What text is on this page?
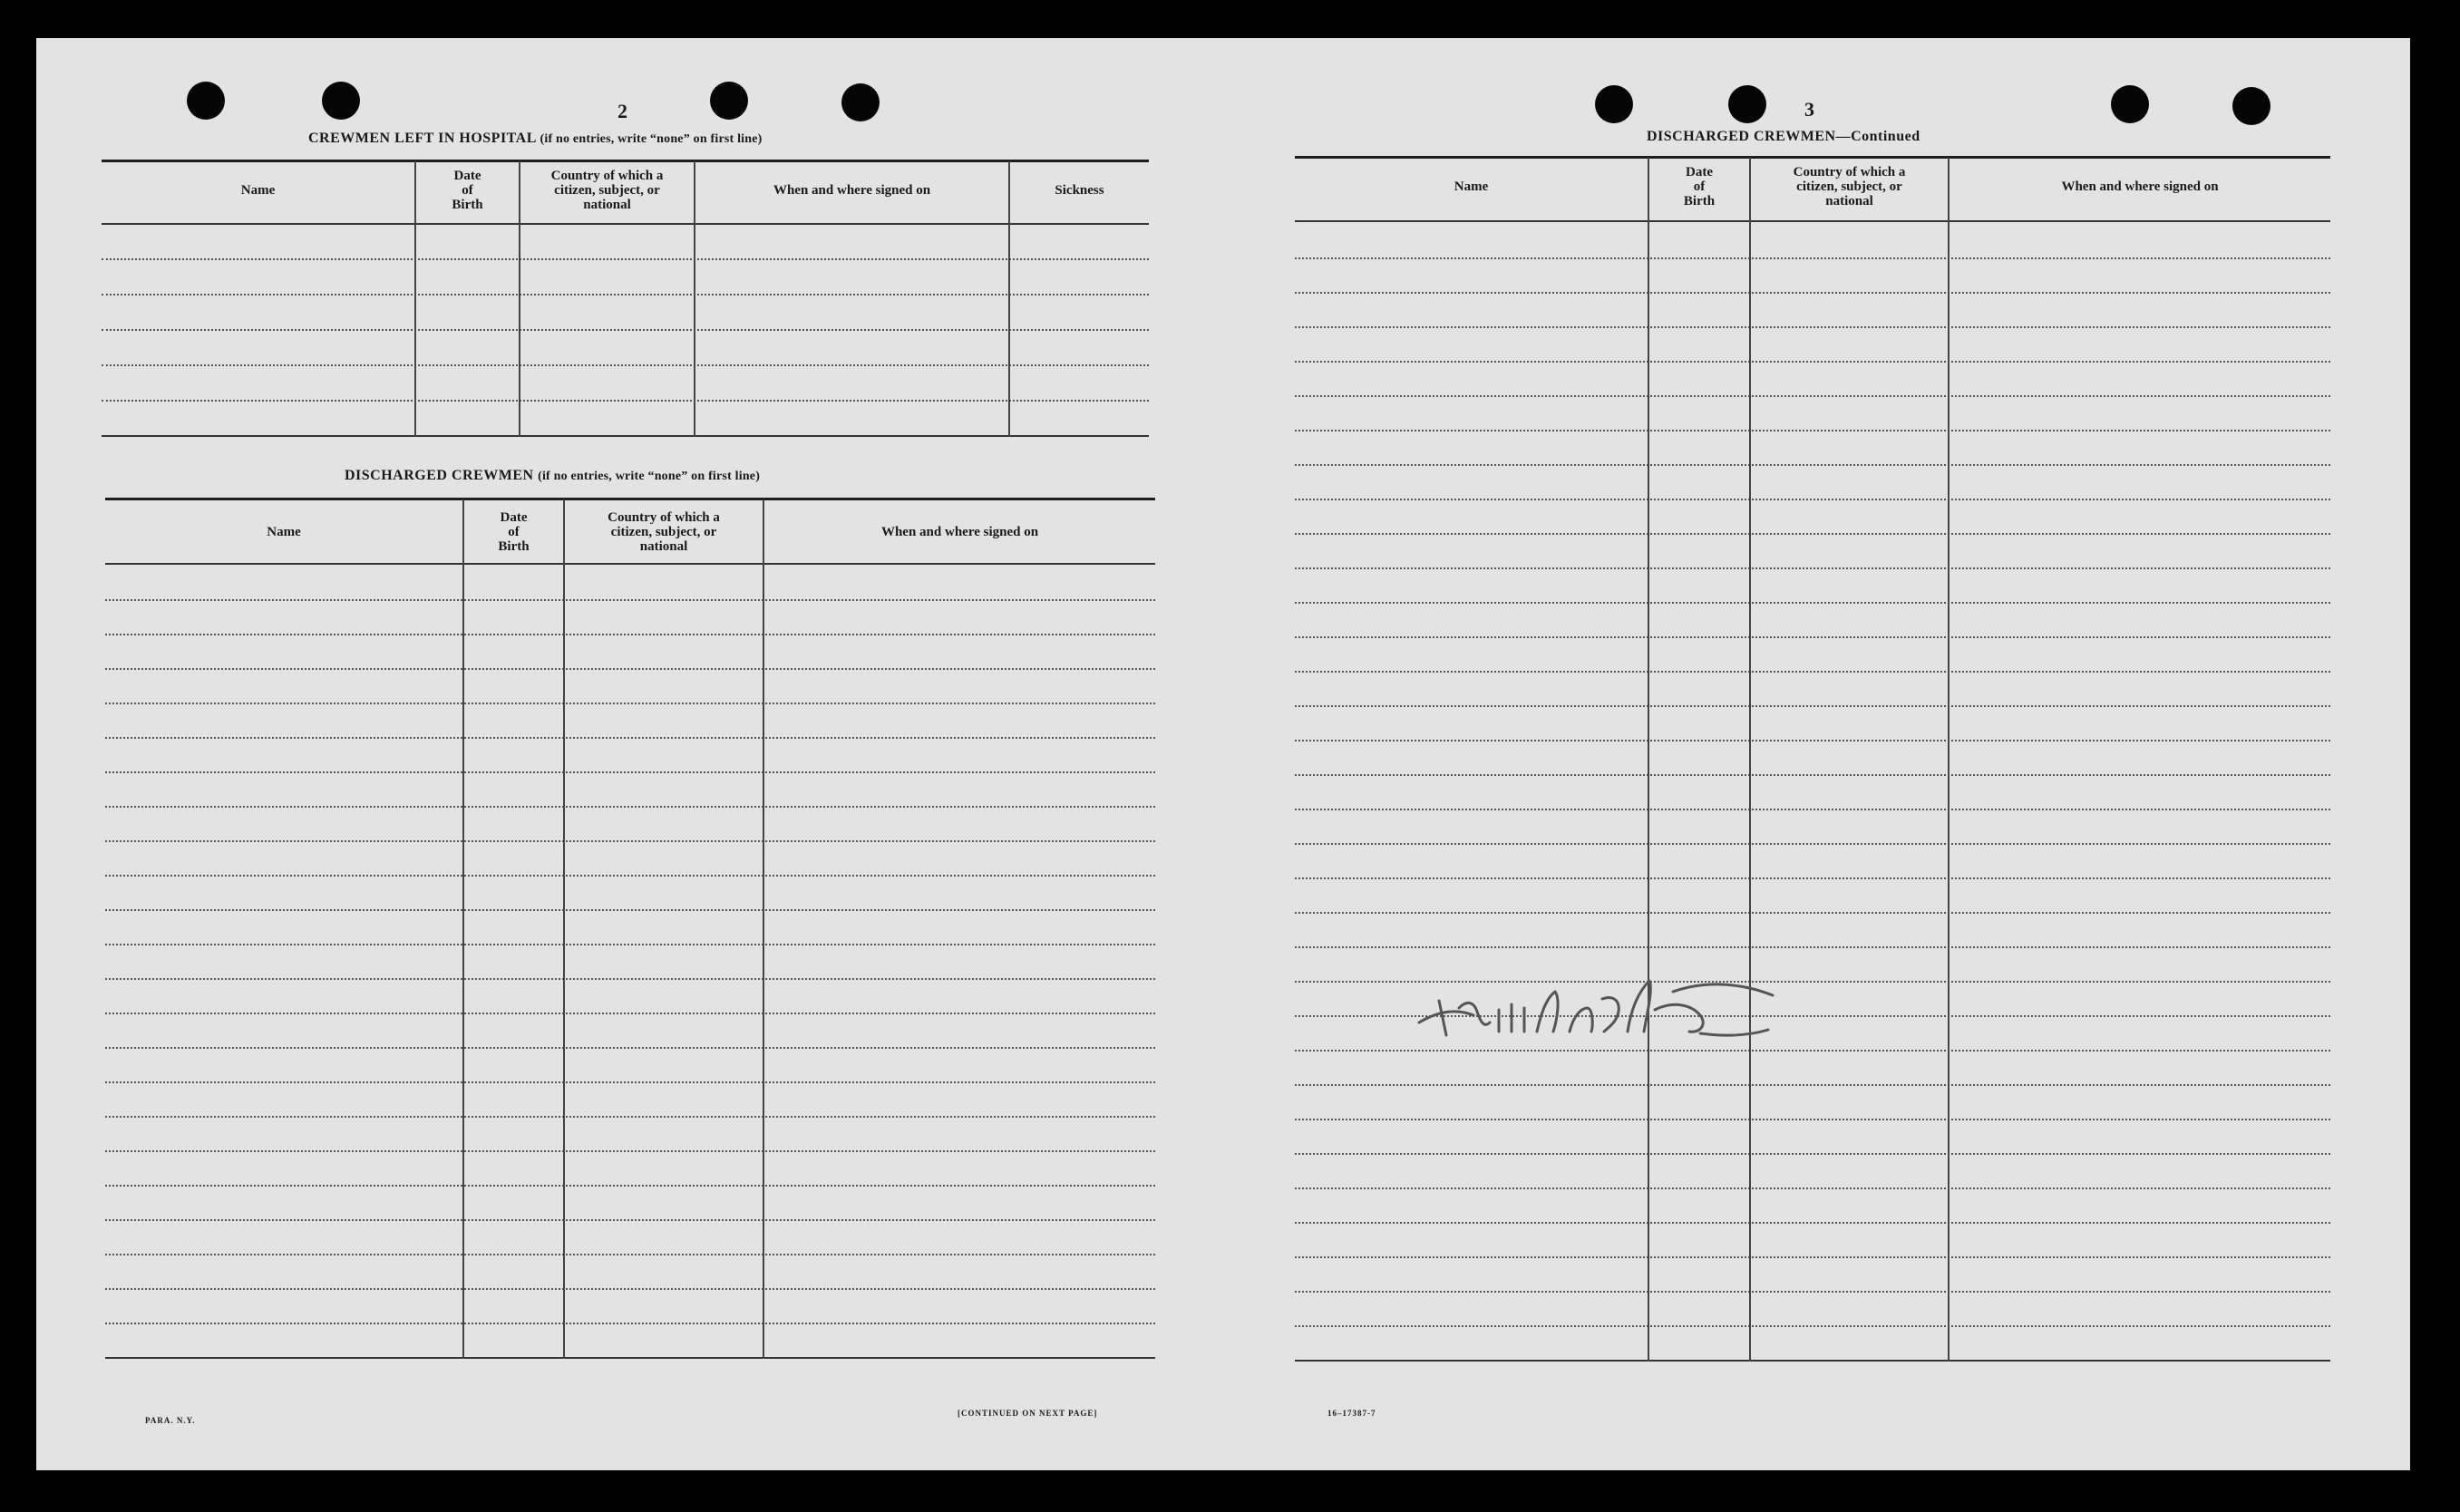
2
CREWMEN LEFT IN HOSPITAL (if no entries, write “none” on first line)
Name
Date
of
Birth
Country of which a
citizen, subject, or
national
When and where signed on	Sickness
DISCHARGED CREWMEN (if no entries, write “none” on first line)
Name
Date
of
Birth
Country of which a
citizen, subject, or
national
When and where signed on
PARA. N.Y.
[CONTINUED ON NEXT PAGE]
3
DISCHARGED CREWMEN—Continued
Name
Date
of
Birth
Country of which a
citizen, subject, or
national
When and where signed on
16–17387-7
